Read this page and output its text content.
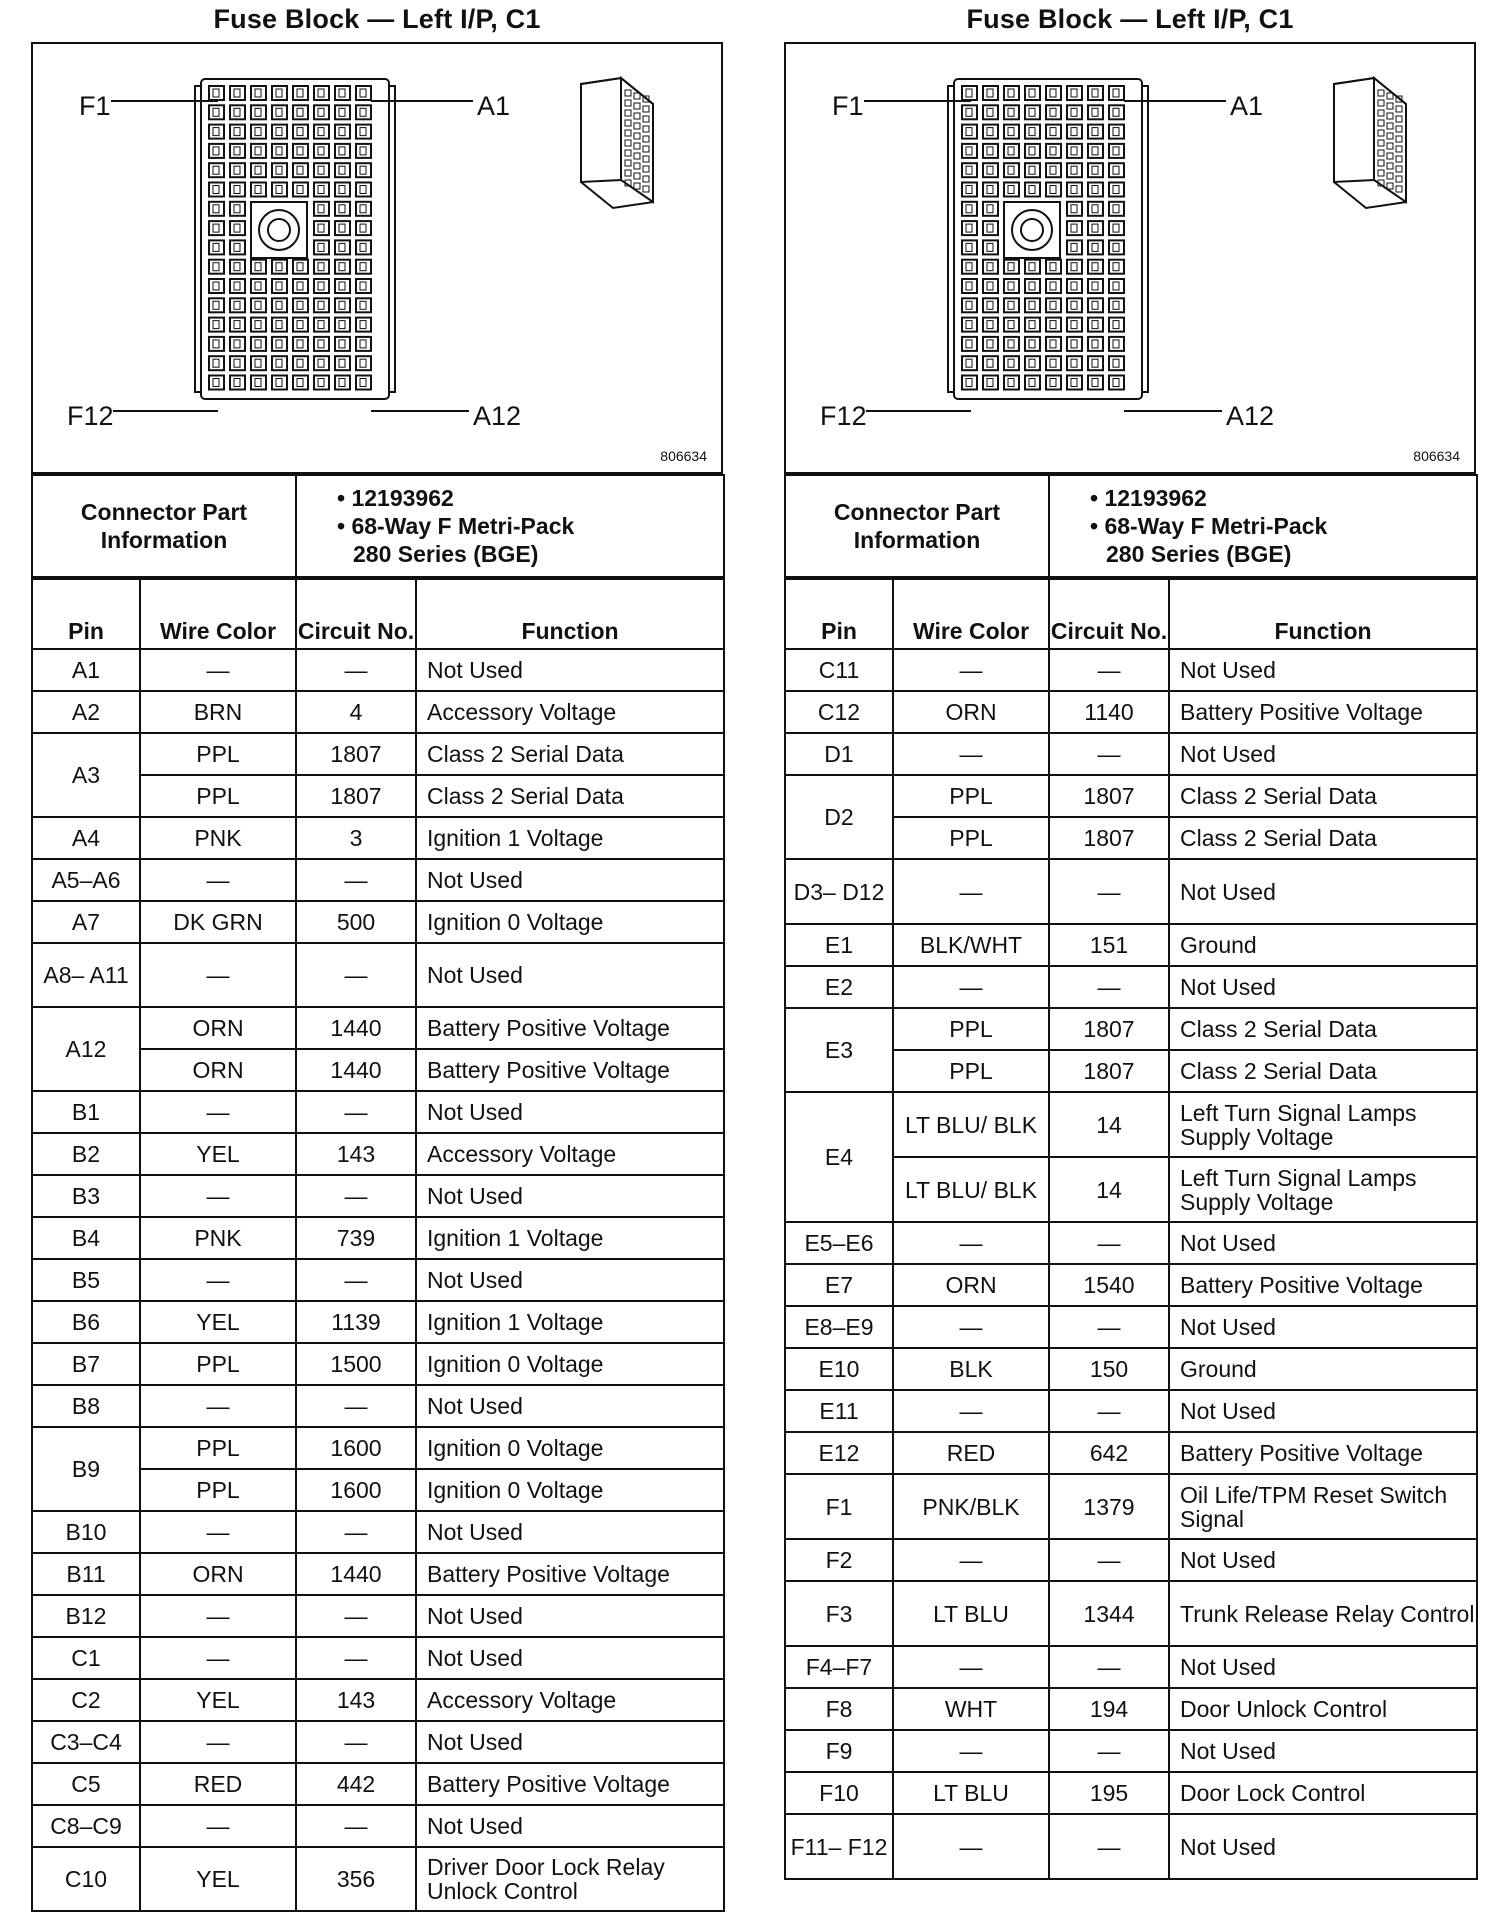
Fuse Block — Left I/P, C1
F1	A1
F12	A12
806634
Connector Part Information	
• 12193962
• 68-Way F Metri-Pack
280 Series (BGE)
Pin	Wire Color	Circuit No.	Function
A1	—	—	Not Used
A2	BRN	4	Accessory Voltage
A3	PPL	1807	Class 2 Serial Data
	PPL	1807	Class 2 Serial Data
A4	PNK	3	Ignition 1 Voltage
A5–A6	—	—	Not Used
A7	DK GRN	500	Ignition 0 Voltage
A8– A11	—	—	Not Used
A12	ORN	1440	Battery Positive Voltage
	ORN	1440	Battery Positive Voltage
B1	—	—	Not Used
B2	YEL	143	Accessory Voltage
B3	—	—	Not Used
B4	PNK	739	Ignition 1 Voltage
B5	—	—	Not Used
B6	YEL	1139	Ignition 1 Voltage
B7	PPL	1500	Ignition 0 Voltage
B8	—	—	Not Used
B9	PPL	1600	Ignition 0 Voltage
	PPL	1600	Ignition 0 Voltage
B10	—	—	Not Used
B11	ORN	1440	Battery Positive Voltage
B12	—	—	Not Used
C1	—	—	Not Used
C2	YEL	143	Accessory Voltage
C3–C4	—	—	Not Used
C5	RED	442	Battery Positive Voltage
C8–C9	—	—	Not Used
C10	YEL	356	Driver Door Lock Relay Unlock Control
Fuse Block — Left I/P, C1
F1	A1
F12	A12
806634
Connector Part Information	
• 12193962
• 68-Way F Metri-Pack
280 Series (BGE)
Pin	Wire Color	Circuit No.	Function
C11	—	—	Not Used
C12	ORN	1140	Battery Positive Voltage
D1	—	—	Not Used
D2	PPL	1807	Class 2 Serial Data
	PPL	1807	Class 2 Serial Data
D3– D12	—	—	Not Used
E1	BLK/WHT	151	Ground
E2	—	—	Not Used
E3	PPL	1807	Class 2 Serial Data
	PPL	1807	Class 2 Serial Data
E4	LT BLU/ BLK	14	Left Turn Signal Lamps Supply Voltage
	LT BLU/ BLK	14	Left Turn Signal Lamps Supply Voltage
E5–E6	—	—	Not Used
E7	ORN	1540	Battery Positive Voltage
E8–E9	—	—	Not Used
E10	BLK	150	Ground
E11	—	—	Not Used
E12	RED	642	Battery Positive Voltage
F1	PNK/BLK	1379	Oil Life/TPM Reset Switch Signal
F2	—	—	Not Used
F3	LT BLU	1344	Trunk Release Relay Control
F4–F7	—	—	Not Used
F8	WHT	194	Door Unlock Control
F9	—	—	Not Used
F10	LT BLU	195	Door Lock Control
F11– F12	—	—	Not Used
